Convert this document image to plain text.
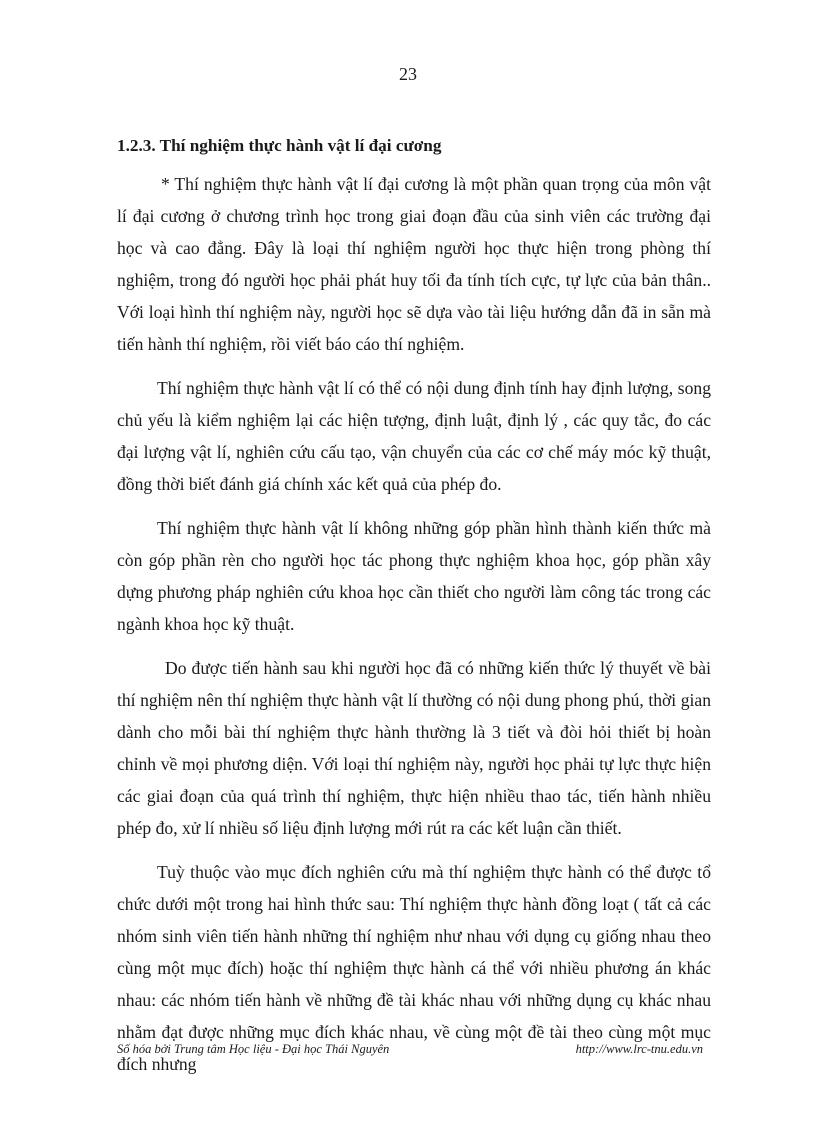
23

1.2.3. Thí nghiệm thực hành vật lí đại cương

* Thí nghiệm thực hành vật lí đại cương là một phần quan trọng của môn vật lí đại cương ở chương trình học trong giai đoạn đầu của sinh viên các trường đại học và cao đẳng. Đây là loại thí nghiệm người học thực hiện trong phòng thí nghiệm, trong đó người học phải phát huy tối đa tính tích cực, tự lực của bản thân.. Với loại hình thí nghiệm này, người học sẽ dựa vào tài liệu hướng dẫn đã in sẵn mà tiến hành thí nghiệm, rồi viết báo cáo thí nghiệm.

Thí nghiệm thực hành vật lí có thể có nội dung định tính hay định lượng, song chủ yếu là kiểm nghiệm lại các hiện tượng, định luật, định lý , các quy tắc, đo các đại lượng vật lí, nghiên cứu cấu tạo, vận chuyển của các cơ chế máy móc kỹ thuật, đồng thời biết đánh giá chính xác kết quả của phép đo.

Thí nghiệm thực hành vật lí không những góp phần hình thành kiến thức mà còn góp phần rèn cho người học tác phong thực nghiệm khoa học, góp phần xây dựng phương pháp nghiên cứu khoa học cần thiết cho người làm công tác trong các ngành khoa học kỹ thuật.

Do được tiến hành sau khi người học đã có những kiến thức lý thuyết về bài thí nghiệm nên thí nghiệm thực hành vật lí thường có nội dung phong phú, thời gian dành cho mỗi bài thí nghiệm thực hành thường là 3 tiết và đòi hỏi thiết bị hoàn chỉnh về mọi phương diện. Với loại thí nghiệm này, người học phải tự lực thực hiện các giai đoạn của quá trình thí nghiệm, thực hiện nhiều thao tác, tiến hành nhiều phép đo, xử lí nhiều số liệu định lượng mới rút ra các kết luận cần thiết.

Tuỳ thuộc vào mục đích nghiên cứu mà thí nghiệm thực hành có thể được tổ chức dưới một trong hai hình thức sau: Thí nghiệm thực hành đồng loạt ( tất cả các nhóm sinh viên tiến hành những thí nghiệm như nhau với dụng cụ giống nhau theo cùng một mục đích) hoặc thí nghiệm thực hành cá thể với nhiều phương án khác nhau: các nhóm tiến hành về những đề tài khác nhau với những dụng cụ khác nhau nhằm đạt được những mục đích khác nhau, về cùng một đề tài theo cùng một mục đích nhưng

Số hóa bởi Trung tâm Học liệu - Đại học Thái Nguyên	http://www.lrc-tnu.edu.vn
